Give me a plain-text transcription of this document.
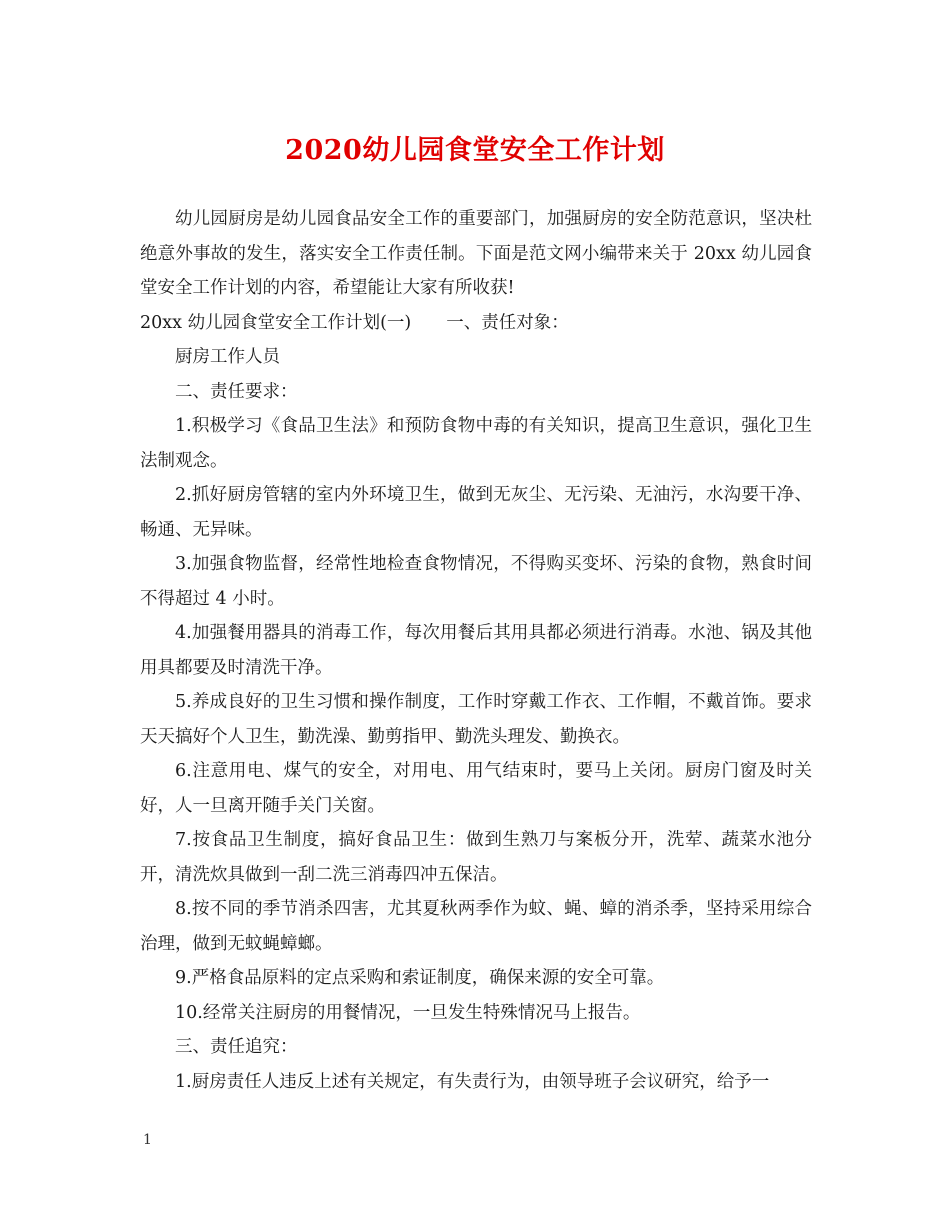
2020幼儿园食堂安全工作计划

幼儿园厨房是幼儿园食品安全工作的重要部门，加强厨房的安全防范意识，坚决杜绝意外事故的发生，落实安全工作责任制。下面是范文网小编带来关于 20xx 幼儿园食堂安全工作计划的内容，希望能让大家有所收获!

20xx 幼儿园食堂安全工作计划(一)　　一、责任对象：

厨房工作人员

二、责任要求：

1.积极学习《食品卫生法》和预防食物中毒的有关知识，提高卫生意识，强化卫生法制观念。

2.抓好厨房管辖的室内外环境卫生，做到无灰尘、无污染、无油污，水沟要干净、畅通、无异味。

3.加强食物监督，经常性地检查食物情况，不得购买变坏、污染的食物，熟食时间不得超过 4 小时。

4.加强餐用器具的消毒工作，每次用餐后其用具都必须进行消毒。水池、锅及其他用具都要及时清洗干净。

5.养成良好的卫生习惯和操作制度，工作时穿戴工作衣、工作帽，不戴首饰。要求天天搞好个人卫生，勤洗澡、勤剪指甲、勤洗头理发、勤换衣。

6.注意用电、煤气的安全，对用电、用气结束时，要马上关闭。厨房门窗及时关好，人一旦离开随手关门关窗。

7.按食品卫生制度，搞好食品卫生：做到生熟刀与案板分开，洗荤、蔬菜水池分开，清洗炊具做到一刮二洗三消毒四冲五保洁。

8.按不同的季节消杀四害，尤其夏秋两季作为蚊、蝇、蟑的消杀季，坚持采用综合治理，做到无蚊蝇蟑螂。

9.严格食品原料的定点采购和索证制度，确保来源的安全可靠。

10.经常关注厨房的用餐情况，一旦发生特殊情况马上报告。

三、责任追究：

1.厨房责任人违反上述有关规定，有失责行为，由领导班子会议研究，给予一

1
